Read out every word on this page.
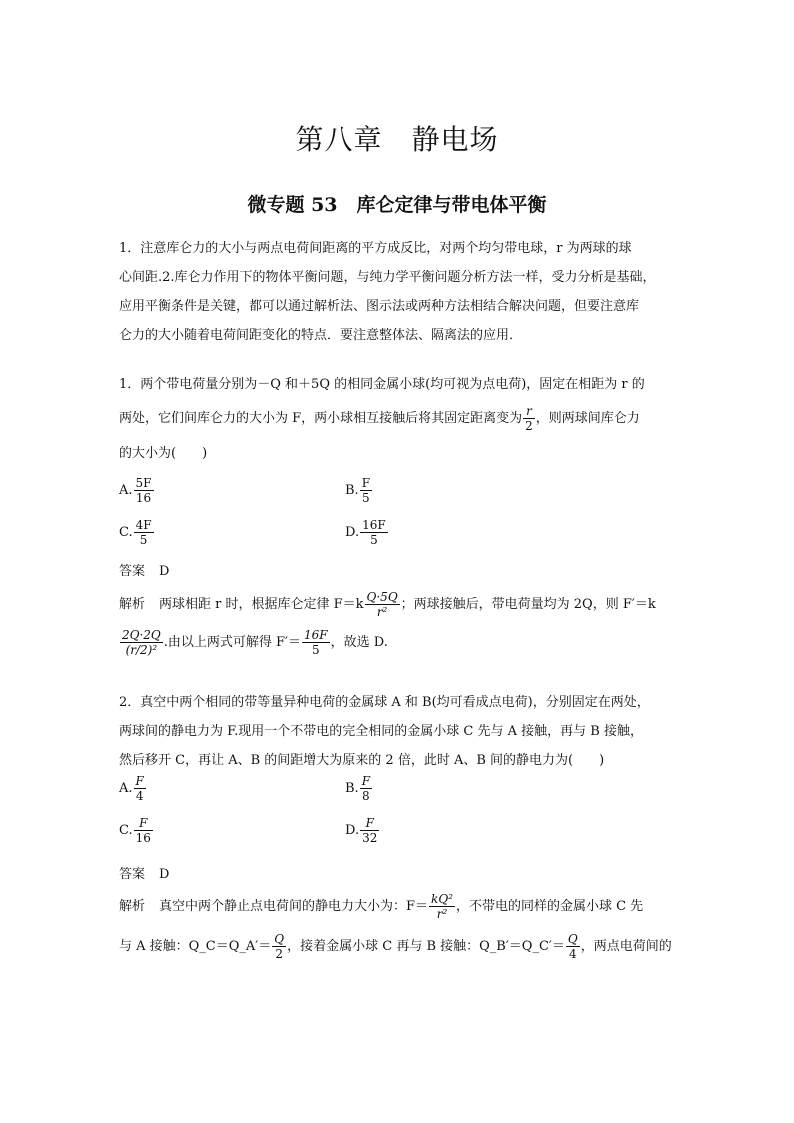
第八章　静电场
微专题 53　库仑定律与带电体平衡
1．注意库仑力的大小与两点电荷间距离的平方成反比，对两个均匀带电球，r 为两球的球
心间距.2.库仑力作用下的物体平衡问题，与纯力学平衡问题分析方法一样，受力分析是基础，
应用平衡条件是关键，都可以通过解析法、图示法或两种方法相结合解决问题，但要注意库
仑力的大小随着电荷间距变化的特点．要注意整体法、隔离法的应用．
1．两个带电荷量分别为－Q 和＋5Q 的相同金属小球(均可视为点电荷)，固定在相距为 r 的
两处，它们间库仑力的大小为 F，两小球相互接触后将其固定距离变为 $\frac{r}{2}$ ，则两球间库仑力
的大小为(　　)
A. $\frac{5F}{16}$	B. $\frac{F}{5}$
C. $\frac{4F}{5}$	D. $\frac{16F}{5}$
答案 D
解析 两球相距 r 时，根据库仑定律 $F=k \frac{Q\cdot 5Q}{\text{r²}}$ ；两球接触后，带电荷量均为 2Q，则 F′＝k
$\frac{2Q\cdot 2Q}{\text{(r/2)²}}$ .由以上两式可解得 $F'= \frac{16F}{5}$ ，故选 D.
2．真空中两个相同的带等量异种电荷的金属球 A 和 B(均可看成点电荷)，分别固定在两处，
两球间的静电力为 F.现用一个不带电的完全相同的金属小球 C 先与 A 接触，再与 B 接触，
然后移开 C，再让 A、B 的间距增大为原来的 2 倍，此时 A、B 间的静电力为(　　)
A. $\frac{F}{4}$	B. $\frac{F}{8}$
C. $\frac{F}{16}$	D. $\frac{F}{32}$
答案 D
解析 真空中两个静止点电荷间的静电力大小为：$F= \frac{\text{kQ²}}{\text{r²}}$ ，不带电的同样的金属小球 C 先
与 A 接触：Q_C＝Q_A′＝ $\frac{Q}{2}$ ，接着金属小球 C 再与 B 接触：Q_B′＝Q_C′＝ $\frac{Q}{4}$ ，两点电荷间的
